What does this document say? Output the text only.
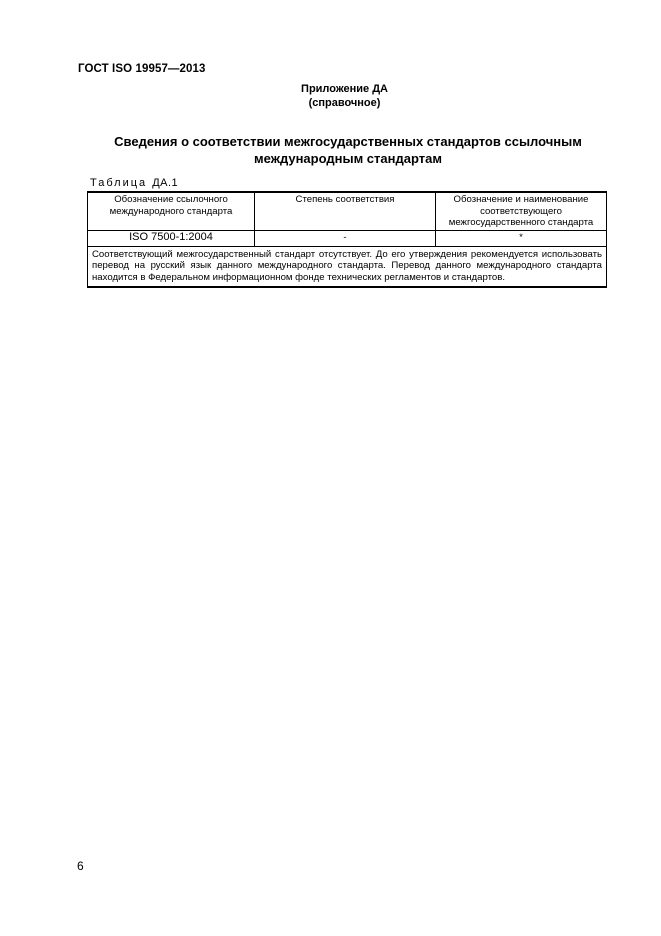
ГОСТ ISO 19957—2013
Приложение ДА
(справочное)
Сведения о соответствии межгосударственных стандартов ссылочным
международным стандартам
Таблица ДА.1
Обозначение ссылочного международного стандарта	Степень соответствия	Обозначение и наименование соответствующего межгосударственного стандарта
ISO 7500-1:2004	-	*
Соответствующий межгосударственный стандарт отсутствует. До его утверждения рекомендуется использовать перевод на русский язык данного международного стандарта. Перевод данного международного стандарта находится в Федеральном информационном фонде технических регламентов и стандартов.		
6
